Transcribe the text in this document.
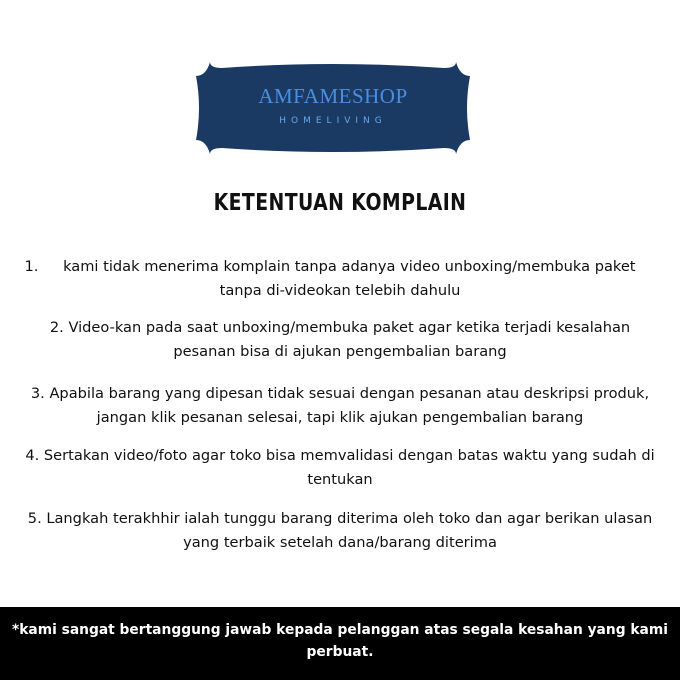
AMFAMESHOP
HOMELIVING
KETENTUAN KOMPLAIN
1. kami tidak menerima komplain tanpa adanya video unboxing/membuka paket
tanpa di-videokan telebih dahulu
2. Video-kan pada saat unboxing/membuka paket agar ketika terjadi kesalahan
pesanan bisa di ajukan pengembalian barang
3. Apabila barang yang dipesan tidak sesuai dengan pesanan atau deskripsi produk,
jangan klik pesanan selesai, tapi klik ajukan pengembalian barang
4. Sertakan video/foto agar toko bisa memvalidasi dengan batas waktu yang sudah di
tentukan
5. Langkah terakhhir ialah tunggu barang diterima oleh toko dan agar berikan ulasan
yang terbaik setelah dana/barang diterima
*kami sangat bertanggung jawab kepada pelanggan atas segala kesahan yang kami
perbuat.
